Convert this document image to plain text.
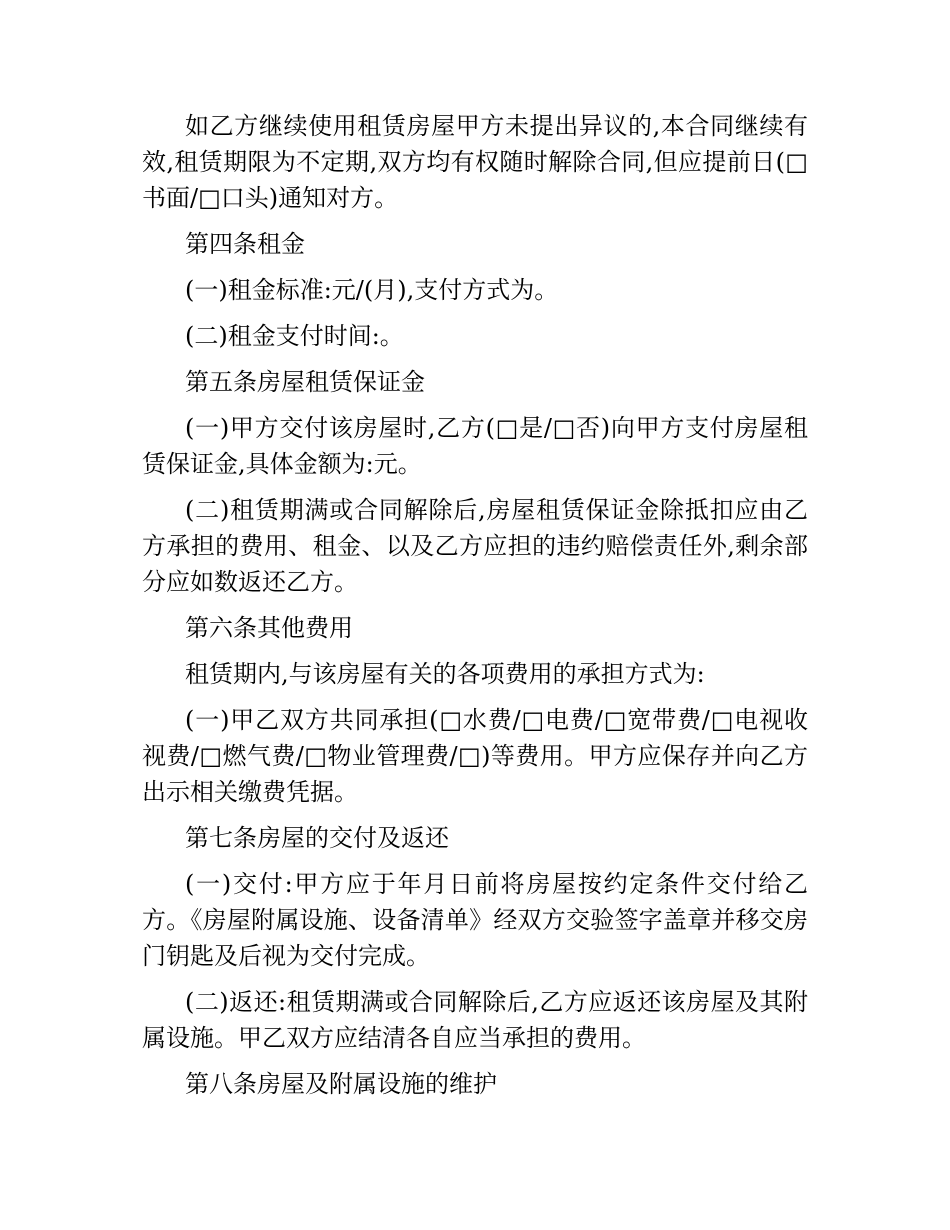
如乙方继续使用租赁房屋甲方未提出异议的,本合同继续有效,租赁期限为不定期,双方均有权随时解除合同,但应提前日(□书面/□口头)通知对方。

第四条租金

(一)租金标准:元/(月),支付方式为。

(二)租金支付时间:。

第五条房屋租赁保证金

(一)甲方交付该房屋时,乙方(□是/□否)向甲方支付房屋租赁保证金,具体金额为:元。

(二)租赁期满或合同解除后,房屋租赁保证金除抵扣应由乙方承担的费用、租金、以及乙方应担的违约赔偿责任外,剩余部分应如数返还乙方。

第六条其他费用

租赁期内,与该房屋有关的各项费用的承担方式为:

(一)甲乙双方共同承担(□水费/□电费/□宽带费/□电视收视费/□燃气费/□物业管理费/□)等费用。甲方应保存并向乙方出示相关缴费凭据。

第七条房屋的交付及返还

(一)交付:甲方应于年月日前将房屋按约定条件交付给乙方。《房屋附属设施、设备清单》经双方交验签字盖章并移交房门钥匙及后视为交付完成。

(二)返还:租赁期满或合同解除后,乙方应返还该房屋及其附属设施。甲乙双方应结清各自应当承担的费用。

第八条房屋及附属设施的维护
